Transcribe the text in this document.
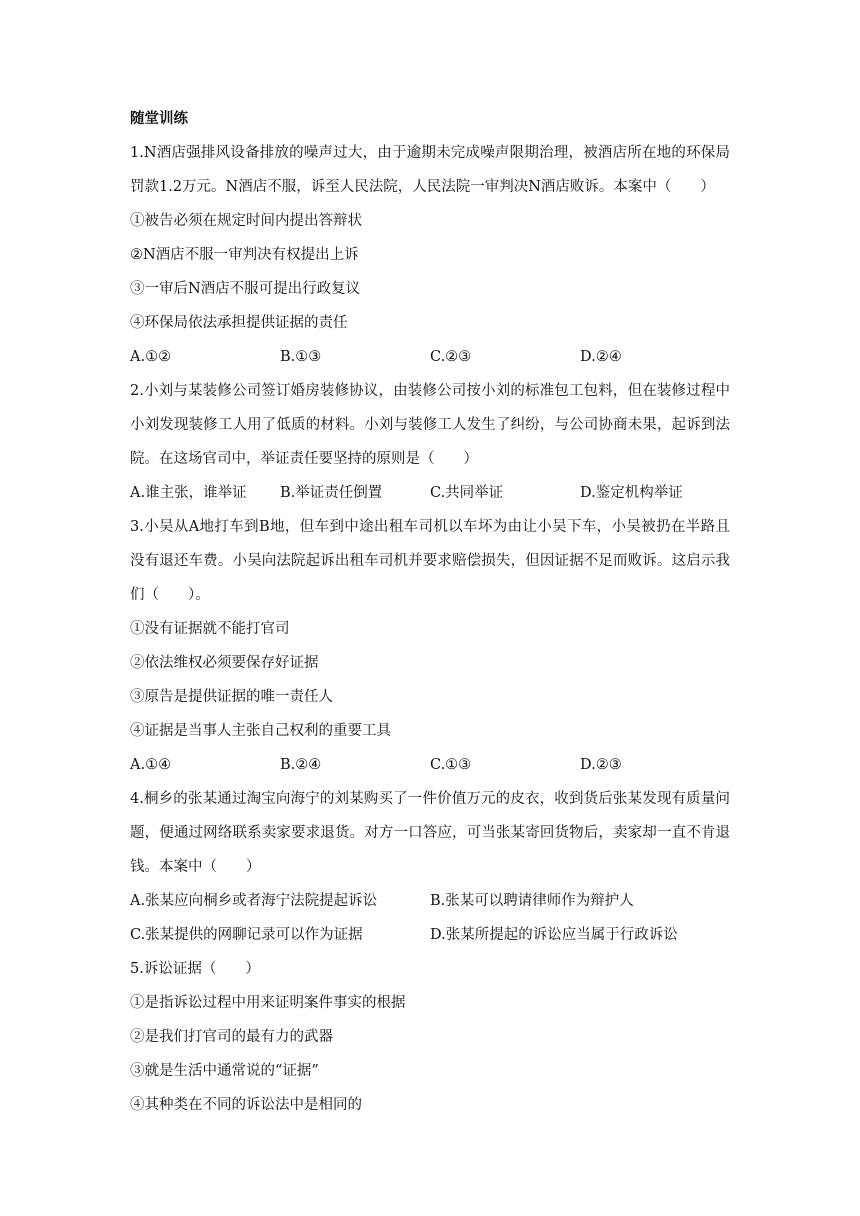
随堂训练
1.N酒店强排风设备排放的噪声过大，由于逾期未完成噪声限期治理，被酒店所在地的环保局罚款1.2万元。N酒店不服，诉至人民法院，人民法院一审判决N酒店败诉。本案中（　　）
①被告必须在规定时间内提出答辩状
②N酒店不服一审判决有权提出上诉
③一审后N酒店不服可提出行政复议
④环保局依法承担提供证据的责任
A.①②	B.①③	C.②③	D.②④
2.小刘与某装修公司签订婚房装修协议，由装修公司按小刘的标准包工包料，但在装修过程中小刘发现装修工人用了低质的材料。小刘与装修工人发生了纠纷，与公司协商未果，起诉到法院。在这场官司中，举证责任要坚持的原则是（　　）
A.谁主张，谁举证	B.举证责任倒置	C.共同举证	D.鉴定机构举证
3.小吴从A地打车到B地，但车到中途出租车司机以车坏为由让小吴下车，小吴被扔在半路且没有退还车费。小吴向法院起诉出租车司机并要求赔偿损失，但因证据不足而败诉。这启示我们（　　）。
①没有证据就不能打官司
②依法维权必须要保存好证据
③原告是提供证据的唯一责任人
④证据是当事人主张自己权利的重要工具
A.①④	B.②④	C.①③	D.②③
4.桐乡的张某通过淘宝向海宁的刘某购买了一件价值万元的皮衣，收到货后张某发现有质量问题，便通过网络联系卖家要求退货。对方一口答应，可当张某寄回货物后，卖家却一直不肯退钱。本案中（　　）
A.张某应向桐乡或者海宁法院提起诉讼	B.张某可以聘请律师作为辩护人
C.张某提供的网聊记录可以作为证据	D.张某所提起的诉讼应当属于行政诉讼
5.诉讼证据（　　）
①是指诉讼过程中用来证明案件事实的根据
②是我们打官司的最有力的武器
③就是生活中通常说的“证据”
④其种类在不同的诉讼法中是相同的
